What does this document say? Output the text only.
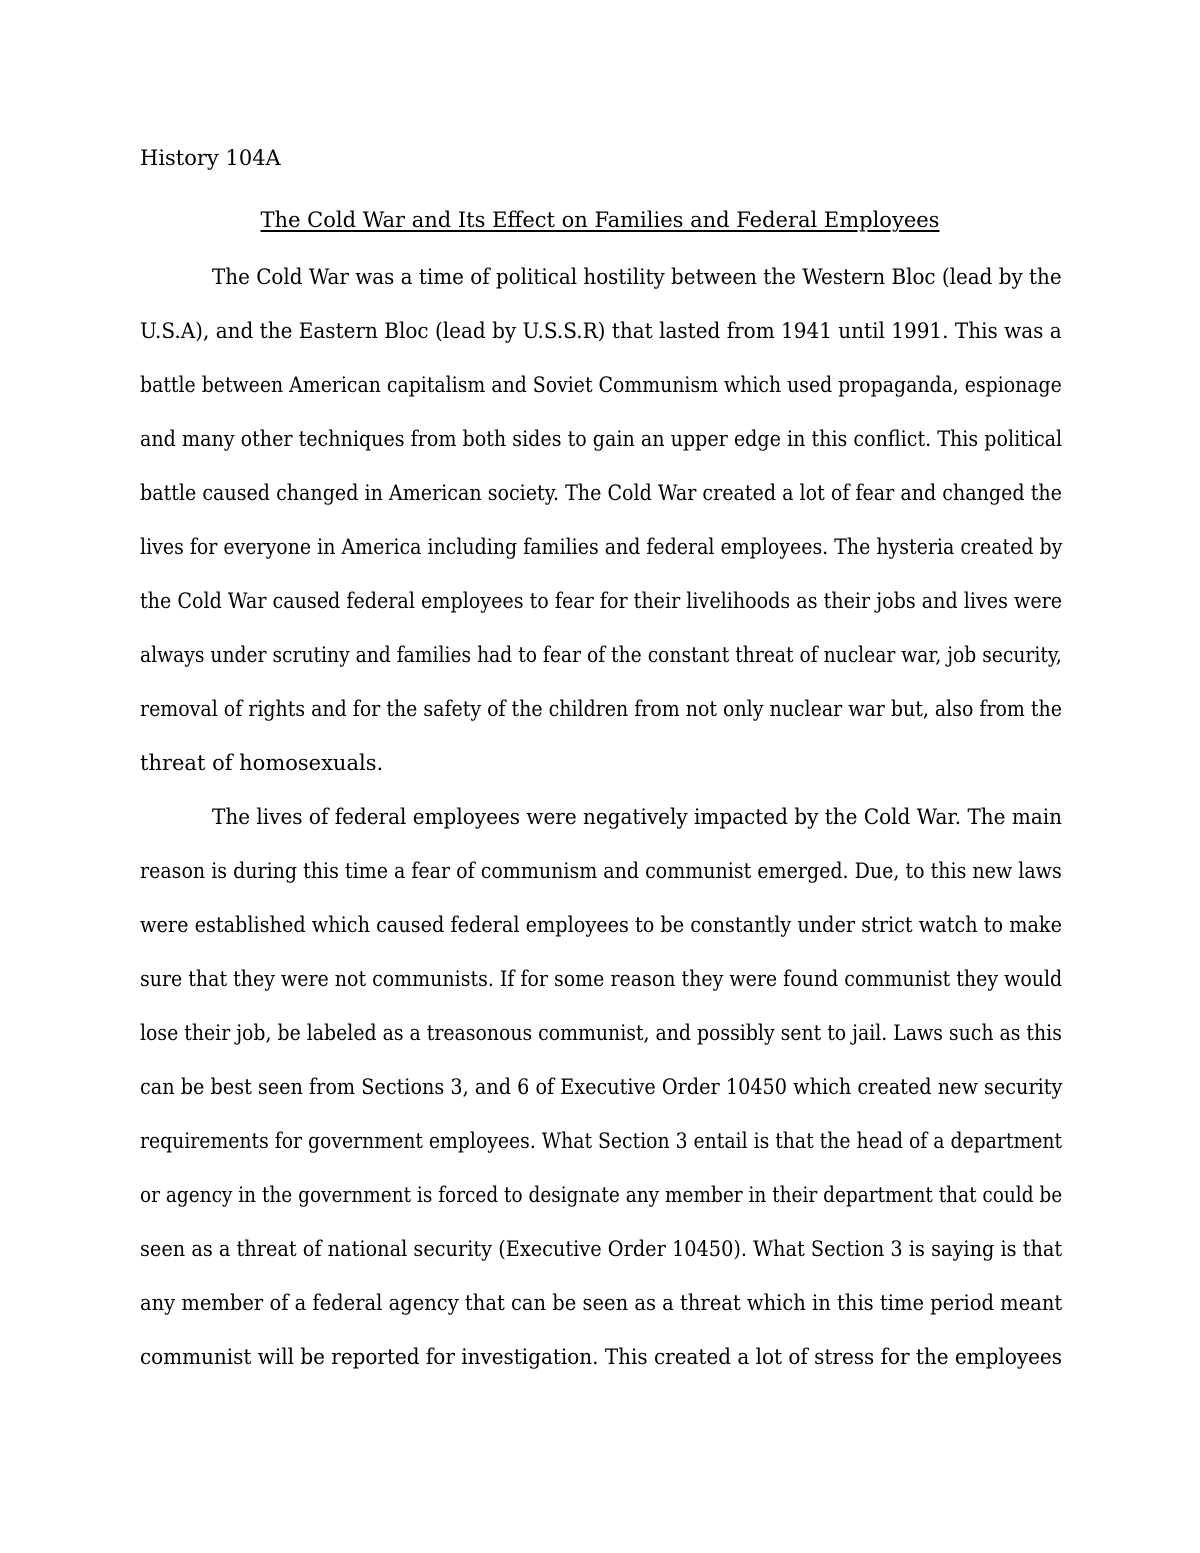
History 104A
The Cold War and Its Effect on Families and Federal Employees
The Cold War was a time of political hostility between the Western Bloc (lead by the
U.S.A), and the Eastern Bloc (lead by U.S.S.R) that lasted from 1941 until 1991. This was a
battle between American capitalism and Soviet Communism which used propaganda, espionage
and many other techniques from both sides to gain an upper edge in this conflict. This political
battle caused changed in American society. The Cold War created a lot of fear and changed the
lives for everyone in America including families and federal employees. The hysteria created by
the Cold War caused federal employees to fear for their livelihoods as their jobs and lives were
always under scrutiny and families had to fear of the constant threat of nuclear war, job security,
removal of rights and for the safety of the children from not only nuclear war but, also from the
threat of homosexuals.
The lives of federal employees were negatively impacted by the Cold War. The main
reason is during this time a fear of communism and communist emerged. Due, to this new laws
were established which caused federal employees to be constantly under strict watch to make
sure that they were not communists. If for some reason they were found communist they would
lose their job, be labeled as a treasonous communist, and possibly sent to jail. Laws such as this
can be best seen from Sections 3, and 6 of Executive Order 10450 which created new security
requirements for government employees. What Section 3 entail is that the head of a department
or agency in the government is forced to designate any member in their department that could be
seen as a threat of national security (Executive Order 10450). What Section 3 is saying is that
any member of a federal agency that can be seen as a threat which in this time period meant
communist will be reported for investigation. This created a lot of stress for the employees
